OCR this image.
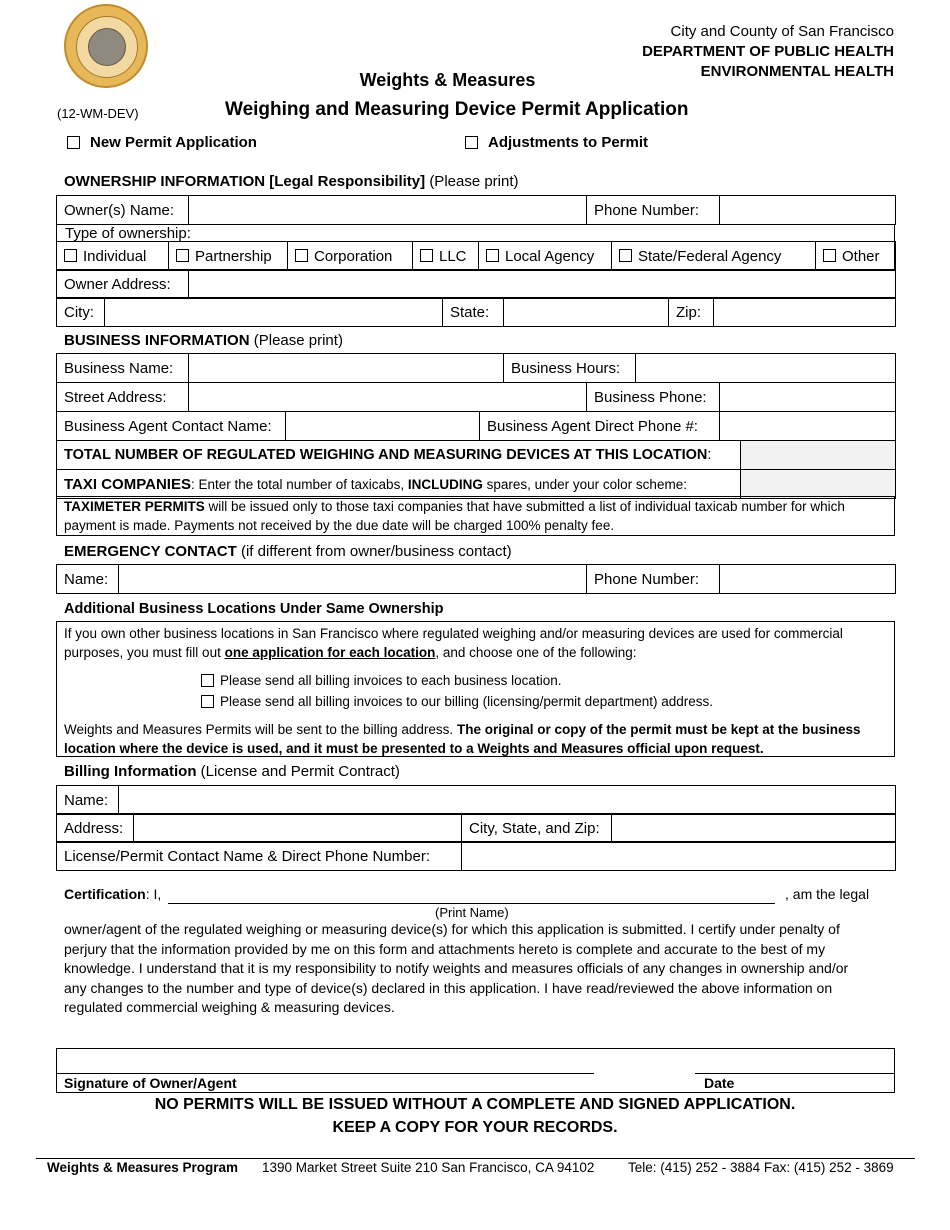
City and County of San Francisco
DEPARTMENT OF PUBLIC HEALTH
ENVIRONMENTAL HEALTH
Weights & Measures
(12-WM-DEV)	Weighing and Measuring Device Permit Application
New Permit Application	Adjustments to Permit
OWNERSHIP INFORMATION [Legal Responsibility] (Please print)
Owner(s) Name:		Phone Number:	
Type of ownership:
Individual	Partnership	Corporation	LLC	Local Agency	State/Federal Agency	Other
Owner Address:	
City:		State:		Zip:	
BUSINESS INFORMATION (Please print)
Business Name:		Business Hours:	
Street Address:		Business Phone:	
Business Agent Contact Name:		Business Agent Direct Phone #:	
TOTAL NUMBER OF REGULATED WEIGHING AND MEASURING DEVICES AT THIS LOCATION:	
TAXI COMPANIES: Enter the total number of taxicabs, INCLUDING spares, under your color scheme:	
TAXIMETER PERMITS will be issued only to those taxi companies that have submitted a list of individual taxicab number for which payment is made. Payments not received by the due date will be charged 100% penalty fee.
EMERGENCY CONTACT (if different from owner/business contact)
Name:		Phone Number:	
Additional Business Locations Under Same Ownership
If you own other business locations in San Francisco where regulated weighing and/or measuring devices are used for commercial purposes, you must fill out one application for each location, and choose one of the following:
Please send all billing invoices to each business location.
Please send all billing invoices to our billing (licensing/permit department) address.
Weights and Measures Permits will be sent to the billing address. The original or copy of the permit must be kept at the business location where the device is used, and it must be presented to a Weights and Measures official upon request.
Billing Information (License and Permit Contract)
Name:	
Address:		City, State, and Zip:	
License/Permit Contact Name & Direct Phone Number:	
Certification: I,	, am the legal
(Print Name)
owner/agent of the regulated weighing or measuring device(s) for which this application is submitted. I certify under penalty of perjury that the information provided by me on this form and attachments hereto is complete and accurate to the best of my knowledge. I understand that it is my responsibility to notify weights and measures officials of any changes in ownership and/or any changes to the number and type of device(s) declared in this application. I have read/reviewed the above information on regulated commercial weighing & measuring devices.
Signature of Owner/Agent	Date
NO PERMITS WILL BE ISSUED WITHOUT A COMPLETE AND SIGNED APPLICATION.
KEEP A COPY FOR YOUR RECORDS.
Weights & Measures Program 1390 Market Street Suite 210 San Francisco, CA 94102 Tele: (415) 252 - 3884 Fax: (415) 252 - 3869
